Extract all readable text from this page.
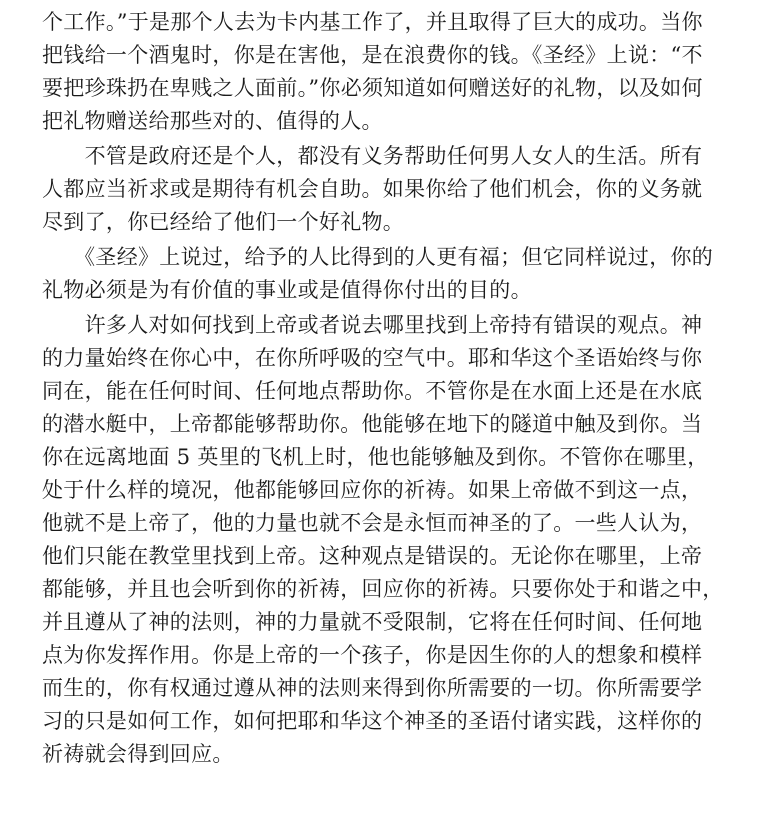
个工作。”于是那个人去为卡内基工作了，并且取得了巨大的成功。当你
把钱给一个酒鬼时，你是在害他，是在浪费你的钱。《圣经》上说：“不
要把珍珠扔在卑贱之人面前。”你必须知道如何赠送好的礼物，以及如何
把礼物赠送给那些对的、值得的人。
　　不管是政府还是个人，都没有义务帮助任何男人女人的生活。所有
人都应当祈求或是期待有机会自助。如果你给了他们机会，你的义务就
尽到了，你已经给了他们一个好礼物。
　　《圣经》上说过，给予的人比得到的人更有福；但它同样说过，你的
礼物必须是为有价值的事业或是值得你付出的目的。
　　许多人对如何找到上帝或者说去哪里找到上帝持有错误的观点。神
的力量始终在你心中，在你所呼吸的空气中。耶和华这个圣语始终与你
同在，能在任何时间、任何地点帮助你。不管你是在水面上还是在水底
的潜水艇中，上帝都能够帮助你。他能够在地下的隧道中触及到你。当
你在远离地面 5 英里的飞机上时，他也能够触及到你。不管你在哪里，
处于什么样的境况，他都能够回应你的祈祷。如果上帝做不到这一点，
他就不是上帝了，他的力量也就不会是永恒而神圣的了。一些人认为，
他们只能在教堂里找到上帝。这种观点是错误的。无论你在哪里，上帝
都能够，并且也会听到你的祈祷，回应你的祈祷。只要你处于和谐之中，
并且遵从了神的法则，神的力量就不受限制，它将在任何时间、任何地
点为你发挥作用。你是上帝的一个孩子，你是因生你的人的想象和模样
而生的，你有权通过遵从神的法则来得到你所需要的一切。你所需要学
习的只是如何工作，如何把耶和华这个神圣的圣语付诸实践，这样你的
祈祷就会得到回应。
